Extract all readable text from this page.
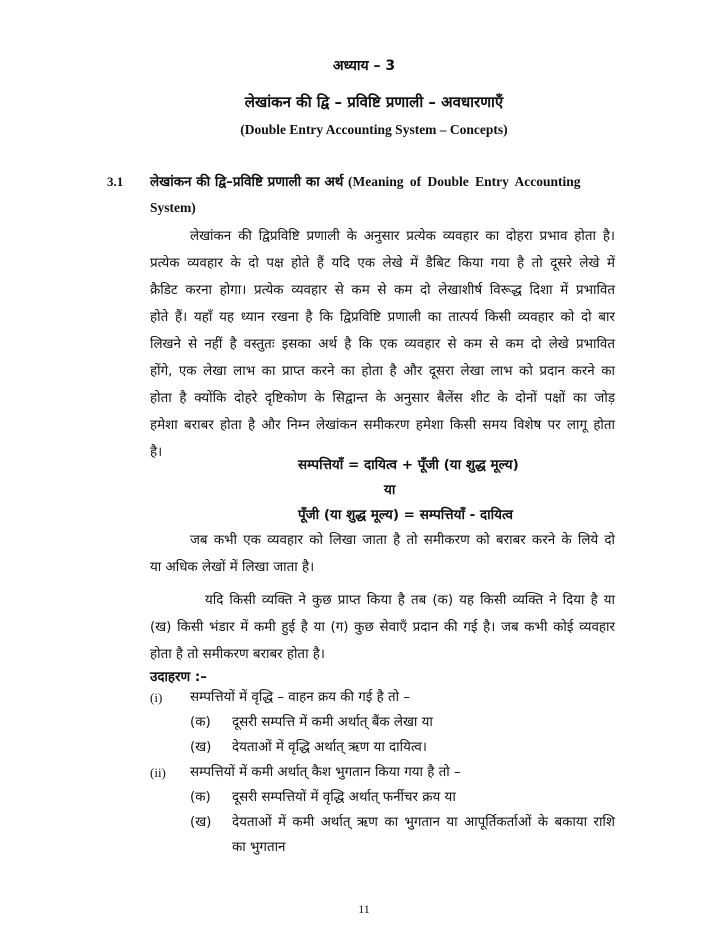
अध्याय – 3
लेखांकन की द्वि – प्रविष्टि प्रणाली – अवधारणाएँ
(Double Entry Accounting System – Concepts)
3.1 लेखांकन की द्वि–प्रविष्टि प्रणाली का अर्थ (Meaning of Double Entry Accounting
System)
लेखांकन की द्विप्रविष्टि प्रणाली के अनुसार प्रत्येक व्यवहार का दोहरा प्रभाव होता है।
प्रत्येक व्यवहार के दो पक्ष होते हैं यदि एक लेखे में डैबिट किया गया है तो दूसरे लेखे में
क्रैडिट करना होगा। प्रत्येक व्यवहार से कम से कम दो लेखाशीर्ष विरूद्ध दिशा में प्रभावित
होते हैं। यहाँ यह ध्यान रखना है कि द्विप्रविष्टि प्रणाली का तात्पर्य किसी व्यवहार को दो बार
लिखने से नहीं है वस्तुतः इसका अर्थ है कि एक व्यवहार से कम से कम दो लेखे प्रभावित
होंगे, एक लेखा लाभ का प्राप्त करने का होता है और दूसरा लेखा लाभ को प्रदान करने का
होता है क्योंकि दोहरे दृष्टिकोण के सिद्वान्त के अनुसार बैलेंस शीट के दोनों पक्षों का जोड़
हमेशा बराबर होता है और निम्न लेखांकन समीकरण हमेशा किसी समय विशेष पर लागू होता
है।
सम्पत्तियाँ = दायित्व + पूँजी (या शुद्ध मूल्य)
या
पूँजी (या शुद्ध मूल्य) = सम्पत्तियाँ - दायित्व
जब कभी एक व्यवहार को लिखा जाता है तो समीकरण को बराबर करने के लिये दो
या अधिक लेखों में लिखा जाता है।
यदि किसी व्यक्ति ने कुछ प्राप्त किया है तब (क) यह किसी व्यक्ति ने दिया है या
(ख) किसी भंडार में कमी हुई है या (ग) कुछ सेवाएँ प्रदान की गई है। जब कभी कोई व्यवहार
होता है तो समीकरण बराबर होता है।
उदाहरण :–
(i) सम्पत्तियों में वृद्धि – वाहन क्रय की गई है तो –
(क) दूसरी सम्पत्ति में कमी अर्थात् बैंक लेखा या
(ख) देयताओं में वृद्धि अर्थात् ऋण या दायित्व।
(ii) सम्पत्तियों में कमी अर्थात् कैश भुगतान किया गया है तो –
(क) दूसरी सम्पत्तियों में वृद्धि अर्थात् फर्नीचर क्रय या
(ख) देयताओं में कमी अर्थात् ऋण का भुगतान या आपूर्तिकर्ताओं के बकाया राशि
का भुगतान
11
